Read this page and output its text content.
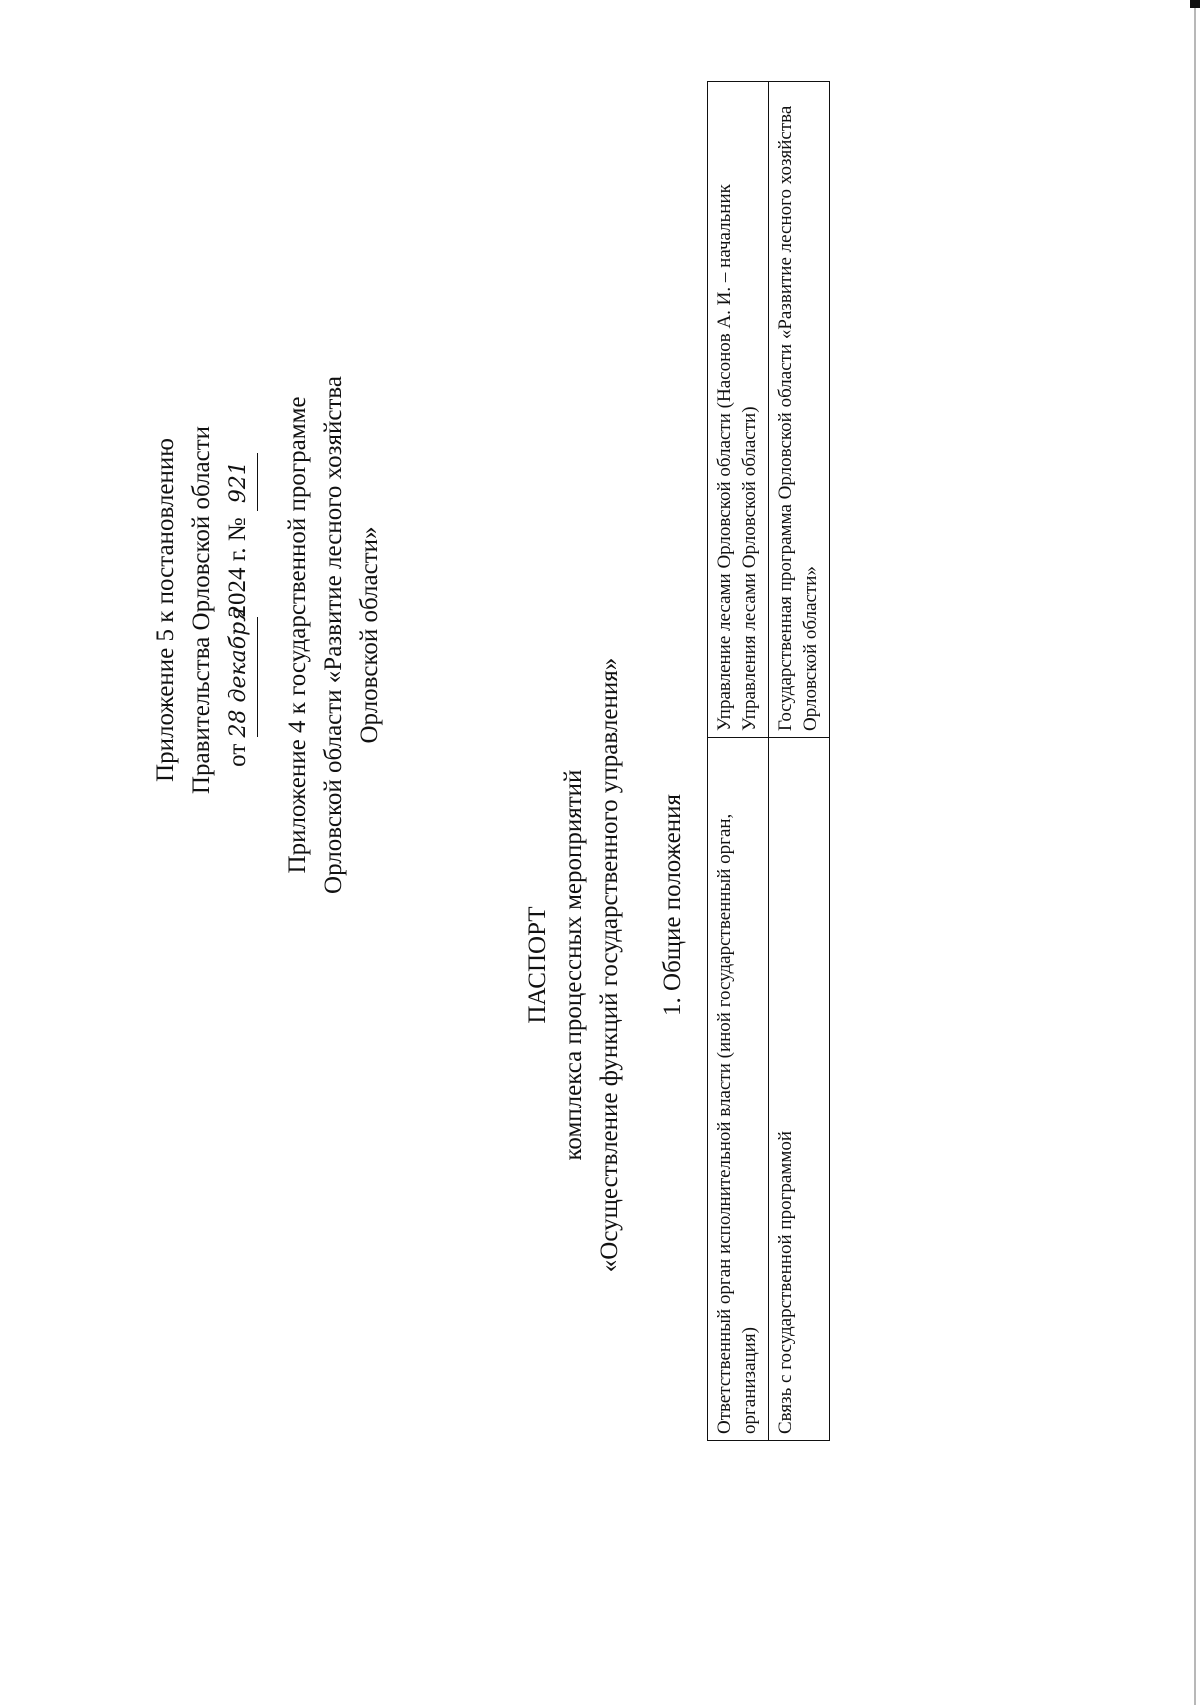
Приложение 5 к постановлению Правительства Орловской области от 28 декабря2024 г. № 921 Приложение 4 к государственной программе Орловской области «Развитие лесного хозяйства Орловской области»
ПАСПОРТ комплекса процессных мероприятий «Осуществление функций государственного управления» 1. Общие положения Ответственный орган исполнительной власти (иной государственный орган, организация)	Управление лесами Орловской области (Насонов А. И. – начальник Управления лесами Орловской области)
Связь с государственной программой	Государственная программа Орловской области «Развитие лесного хозяйства Орловской области»
